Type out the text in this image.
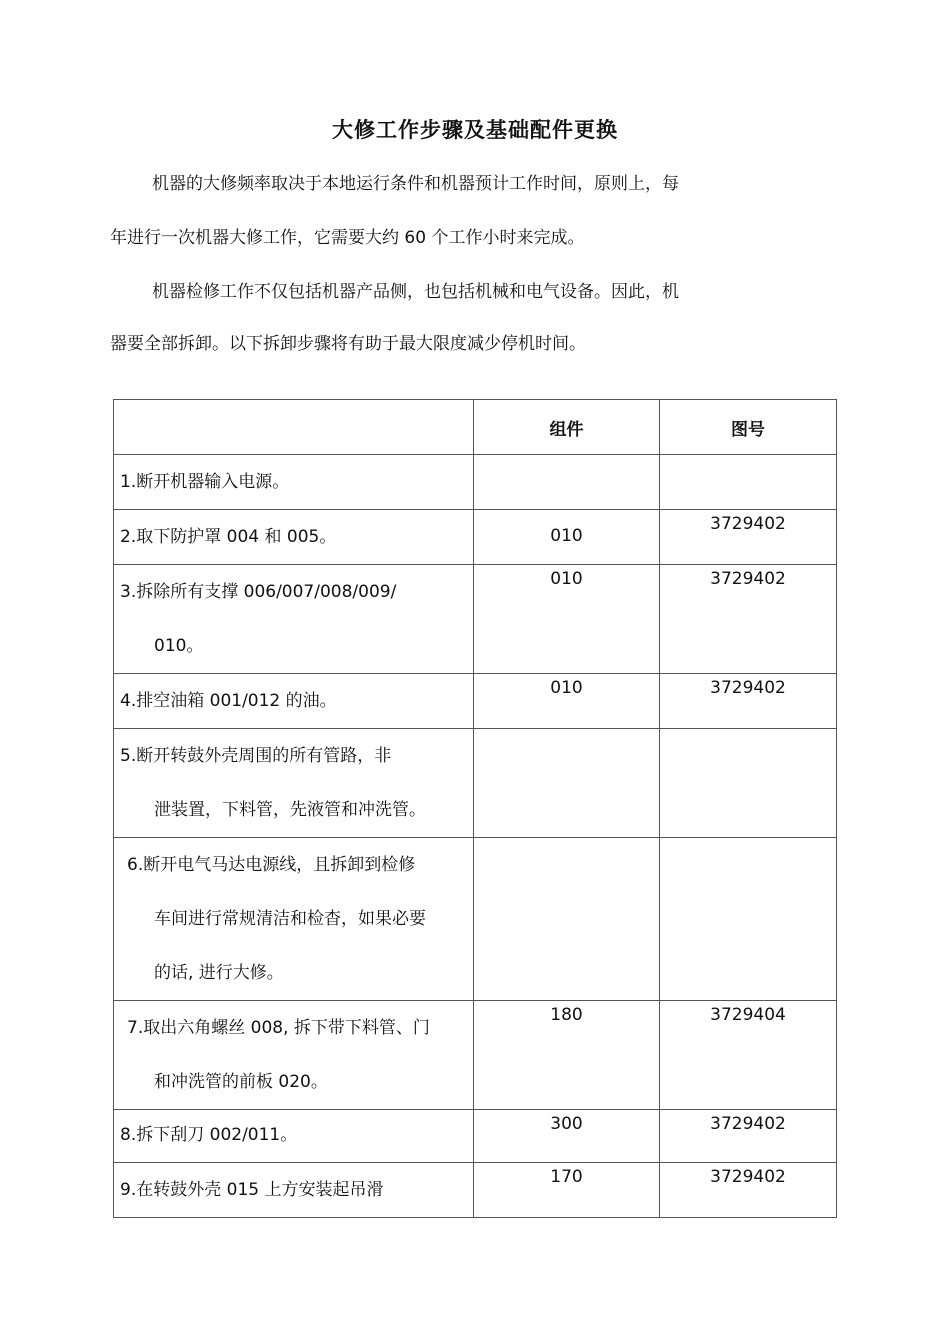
大修工作步骤及基础配件更换
机器的大修频率取决于本地运行条件和机器预计工作时间，原则上，每
年进行一次机器大修工作，它需要大约 60 个工作小时来完成。
机器检修工作不仅包括机器产品侧，也包括机械和电气设备。因此，机
器要全部拆卸。以下拆卸步骤将有助于最大限度减少停机时间。
	组件	图号

1.断开机器输入电源。		

2.取下防护罩 004 和 005。	010	3729402

3.拆除所有支撑 006/007/008/009/
010。	010	3729402

4.排空油箱 001/012 的油。	010	3729402

5.断开转鼓外壳周围的所有管路，非
泄装置，下料管，先液管和冲洗管。		

6.断开电气马达电源线，且拆卸到检修
车间进行常规清洁和检杳，如果必要
的话, 进行大修。		

7.取出六角螺丝 008, 拆下带下料管、门
和冲洗管的前板 020。	180	3729404

8.拆下刮刀 002/011。	300	3729402

9.在转鼓外壳 015 上方安装起吊滑	170	3729402
